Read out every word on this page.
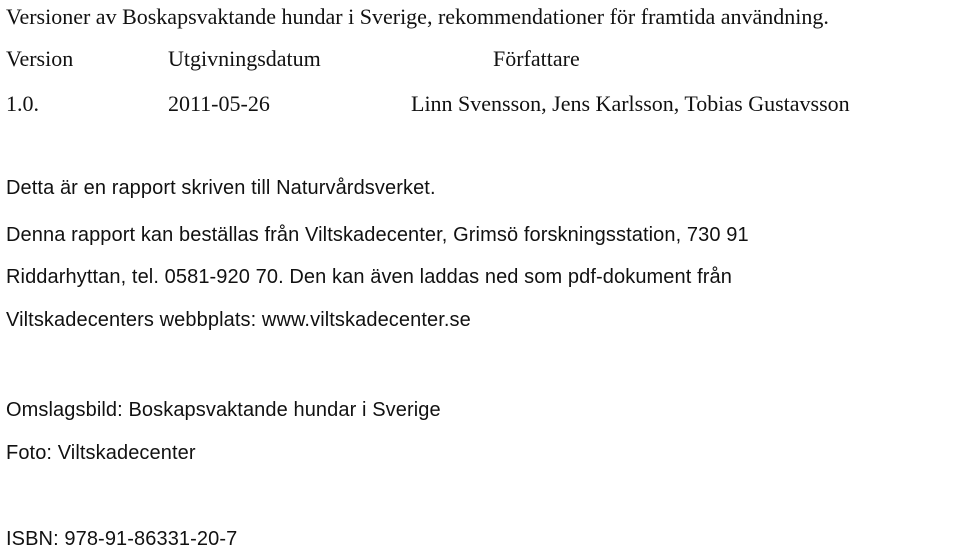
Versioner av Boskapsvaktande hundar i Sverige, rekommendationer för framtida användning.
Version	Utgivningsdatum	Författare
1.0.	2011-05-26	Linn Svensson, Jens Karlsson, Tobias Gustavsson
Detta är en rapport skriven till Naturvårdsverket.
Denna rapport kan beställas från Viltskadecenter, Grimsö forskningsstation, 730 91
Riddarhyttan, tel. 0581-920 70. Den kan även laddas ned som pdf-dokument från
Viltskadecenters webbplats: www.viltskadecenter.se
Omslagsbild: Boskapsvaktande hundar i Sverige
Foto: Viltskadecenter
ISBN: 978-91-86331-20-7
